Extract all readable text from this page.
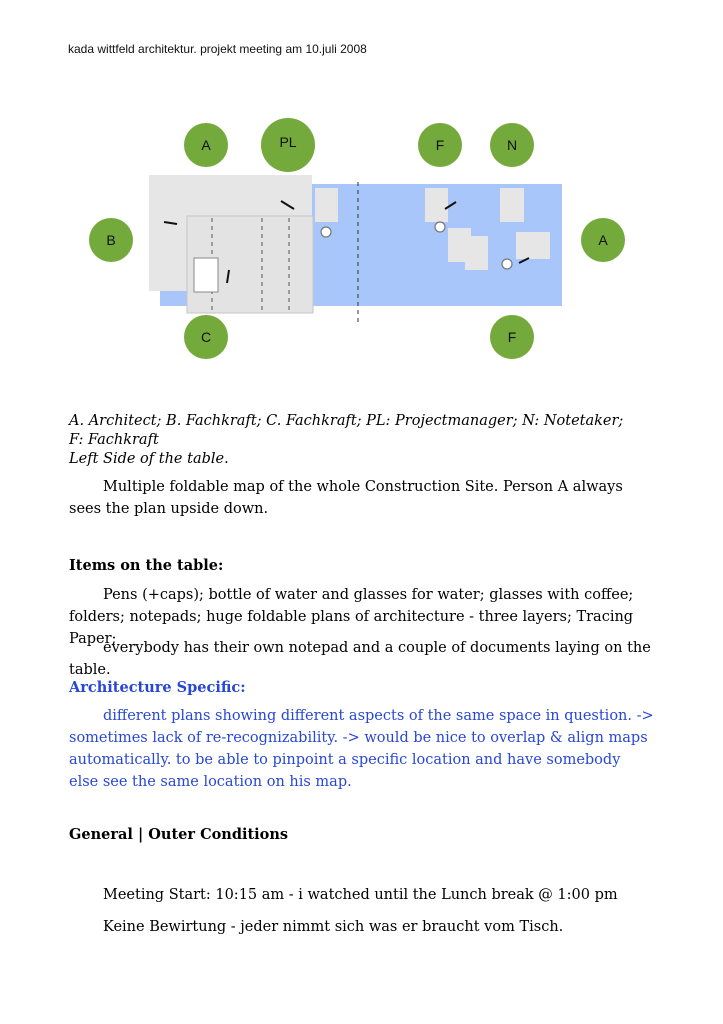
kada wittfeld architektur. projekt meeting am 10.juli 2008
A	PL	F	N
B	A
C	F

A. Architect; B. Fachkraft; C. Fachkraft; PL: Projectmanager; N: Notetaker; F: Fachkraft

Left Side of the table.

Multiple foldable map of the whole Construction Site. Person A always sees the plan upside down.

Items on the table:

Pens (+caps); bottle of water and glasses for water; glasses with coffee; folders; notepads; huge foldable plans of architecture - three layers; Tracing Paper;

everybody has their own notepad and a couple of documents laying on the table.

Architecture Specific:

different plans showing different aspects of the same space in question. -> sometimes lack of re-recognizability. -> would be nice to overlap & align maps automatically. to be able to pinpoint a specific location and have somebody else see the same location on his map.

General | Outer Conditions

Meeting Start: 10:15 am - i watched until the Lunch break @ 1:00 pm

Keine Bewirtung - jeder nimmt sich was er braucht vom Tisch.
